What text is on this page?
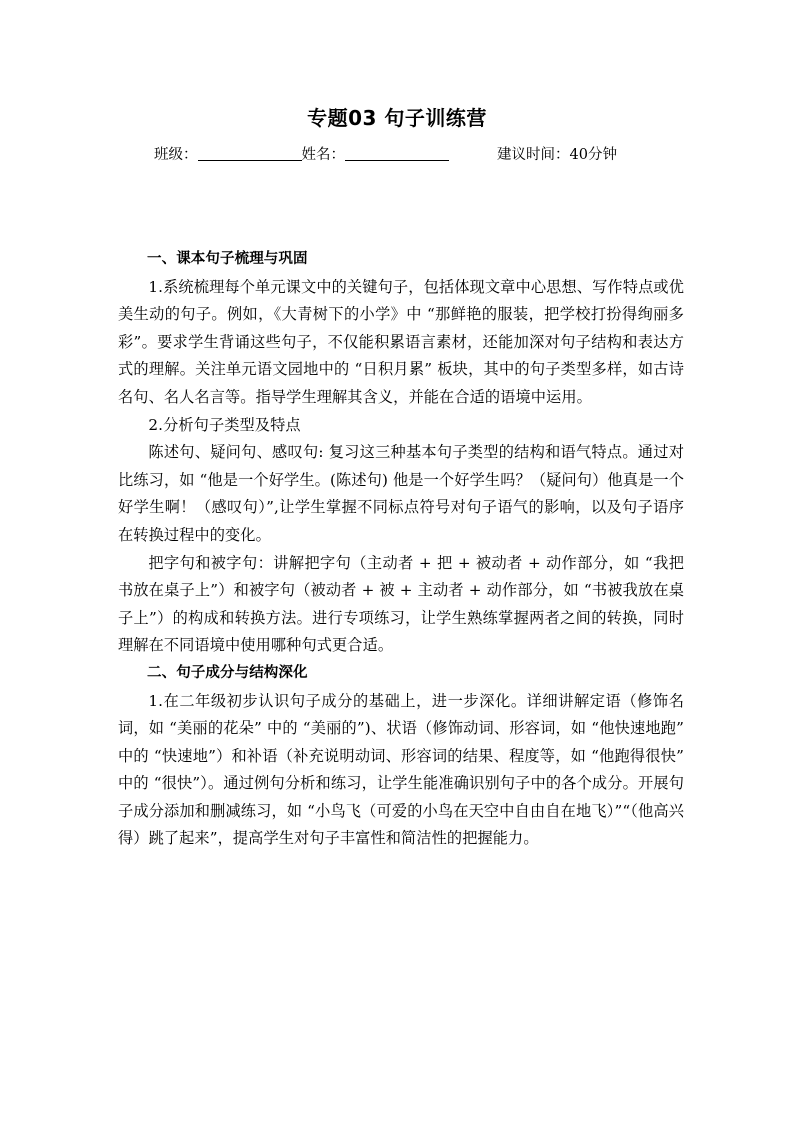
专题03 句子训练营
班级：	姓名：	建议时间：40分钟

一、课本句子梳理与巩固

1.系统梳理每个单元课文中的关键句子，包括体现文章中心思想、写作特点或优美生动的句子。例如，《大青树下的小学》中 “那鲜艳的服装，把学校打扮得绚丽多彩”。要求学生背诵这些句子，不仅能积累语言素材，还能加深对句子结构和表达方式的理解。关注单元语文园地中的 “日积月累” 板块，其中的句子类型多样，如古诗名句、名人名言等。指导学生理解其含义，并能在合适的语境中运用。

2.分析句子类型及特点

陈述句、疑问句、感叹句: 复习这三种基本句子类型的结构和语气特点。通过对比练习，如 “他是一个好学生。(陈述句) 他是一个好学生吗？（疑问句）他真是一个好学生啊！（感叹句）”,让学生掌握不同标点符号对句子语气的影响，以及句子语序在转换过程中的变化。

把字句和被字句：讲解把字句（主动者 + 把 + 被动者 + 动作部分，如 “我把书放在桌子上”）和被字句（被动者 + 被 + 主动者 + 动作部分，如 “书被我放在桌子上”）的构成和转换方法。进行专项练习，让学生熟练掌握两者之间的转换，同时理解在不同语境中使用哪种句式更合适。

二、句子成分与结构深化

1.在二年级初步认识句子成分的基础上，进一步深化。详细讲解定语（修饰名词，如 “美丽的花朵” 中的 “美丽的”)、状语（修饰动词、形容词，如 “他快速地跑” 中的 “快速地”）和补语（补充说明动词、形容词的结果、程度等，如 “他跑得很快” 中的 “很快”）。通过例句分析和练习，让学生能准确识别句子中的各个成分。开展句子成分添加和删减练习，如 “小鸟飞（可爱的小鸟在天空中自由自在地飞）”“（他高兴得）跳了起来”，提高学生对句子丰富性和简洁性的把握能力。
